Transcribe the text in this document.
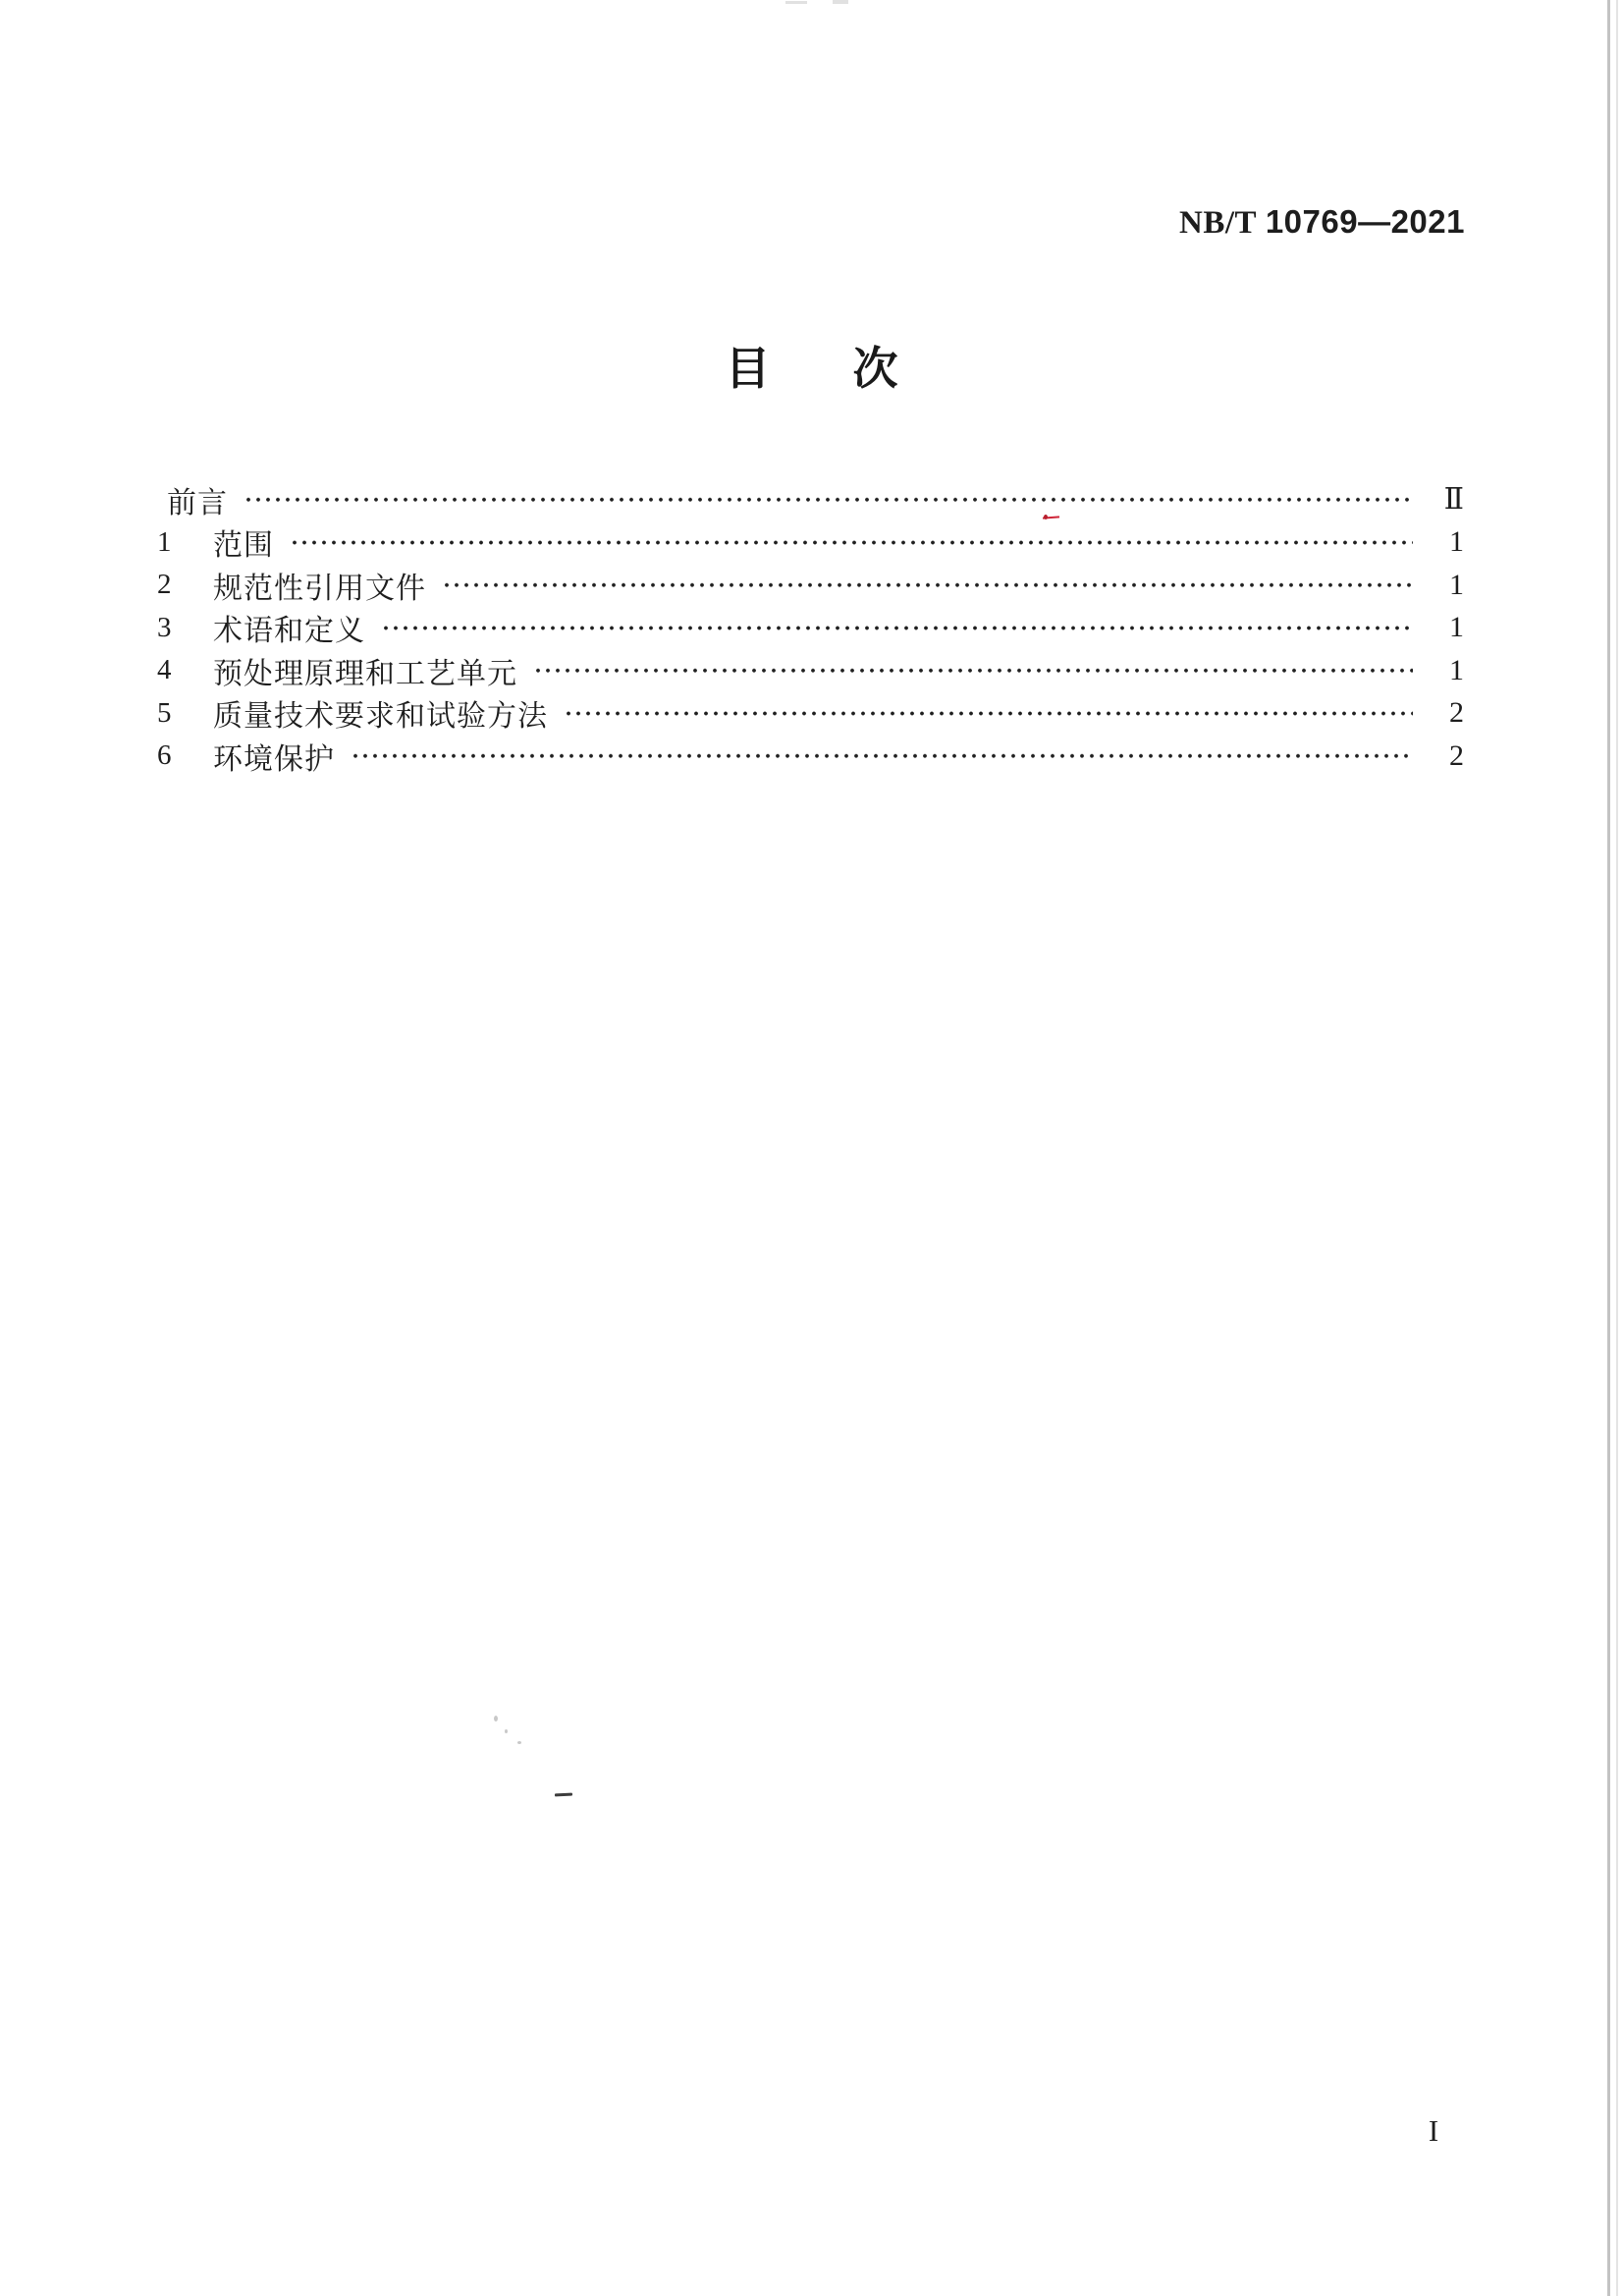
NB/T 10769—2021
目 次
前言	Ⅱ
1	范围	1
2	规范性引用文件	1
3	术语和定义	1
4	预处理原理和工艺单元	1
5	质量技术要求和试验方法	2
6	环境保护	2
I
